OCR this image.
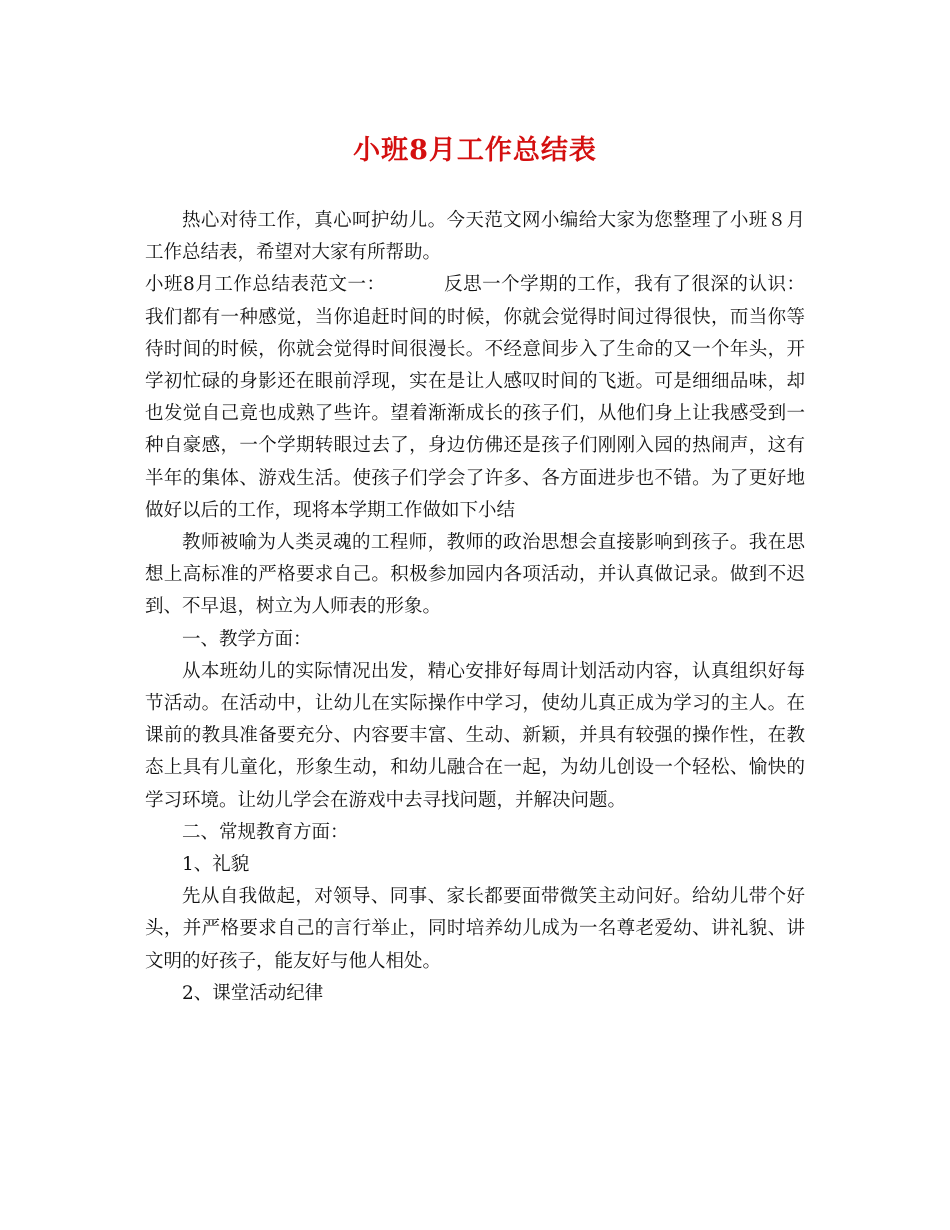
小班8月工作总结表

热心对待工作，真心呵护幼儿。今天范文网小编给大家为您整理了小班８月工作总结表，希望对大家有所帮助。

小班8月工作总结表范文一：	反思一个学期的工作，我有了很深的认识：我们都有一种感觉，当你追赶时间的时候，你就会觉得时间过得很快，而当你等待时间的时候，你就会觉得时间很漫长。不经意间步入了生命的又一个年头，开学初忙碌的身影还在眼前浮现，实在是让人感叹时间的飞逝。可是细细品味，却也发觉自己竟也成熟了些许。望着渐渐成长的孩子们，从他们身上让我感受到一种自豪感，一个学期转眼过去了，身边仿佛还是孩子们刚刚入园的热闹声，这有半年的集体、游戏生活。使孩子们学会了许多、各方面进步也不错。为了更好地做好以后的工作，现将本学期工作做如下小结

教师被喻为人类灵魂的工程师，教师的政治思想会直接影响到孩子。我在思想上高标准的严格要求自己。积极参加园内各项活动，并认真做记录。做到不迟到、不早退，树立为人师表的形象。

一、教学方面：

从本班幼儿的实际情况出发，精心安排好每周计划活动内容，认真组织好每节活动。在活动中，让幼儿在实际操作中学习，使幼儿真正成为学习的主人。在课前的教具准备要充分、内容要丰富、生动、新颖，并具有较强的操作性，在教态上具有儿童化，形象生动，和幼儿融合在一起，为幼儿创设一个轻松、愉快的学习环境。让幼儿学会在游戏中去寻找问题，并解决问题。

二、常规教育方面：

1、礼貌

先从自我做起，对领导、同事、家长都要面带微笑主动问好。给幼儿带个好头，并严格要求自己的言行举止，同时培养幼儿成为一名尊老爱幼、讲礼貌、讲文明的好孩子，能友好与他人相处。

2、课堂活动纪律
